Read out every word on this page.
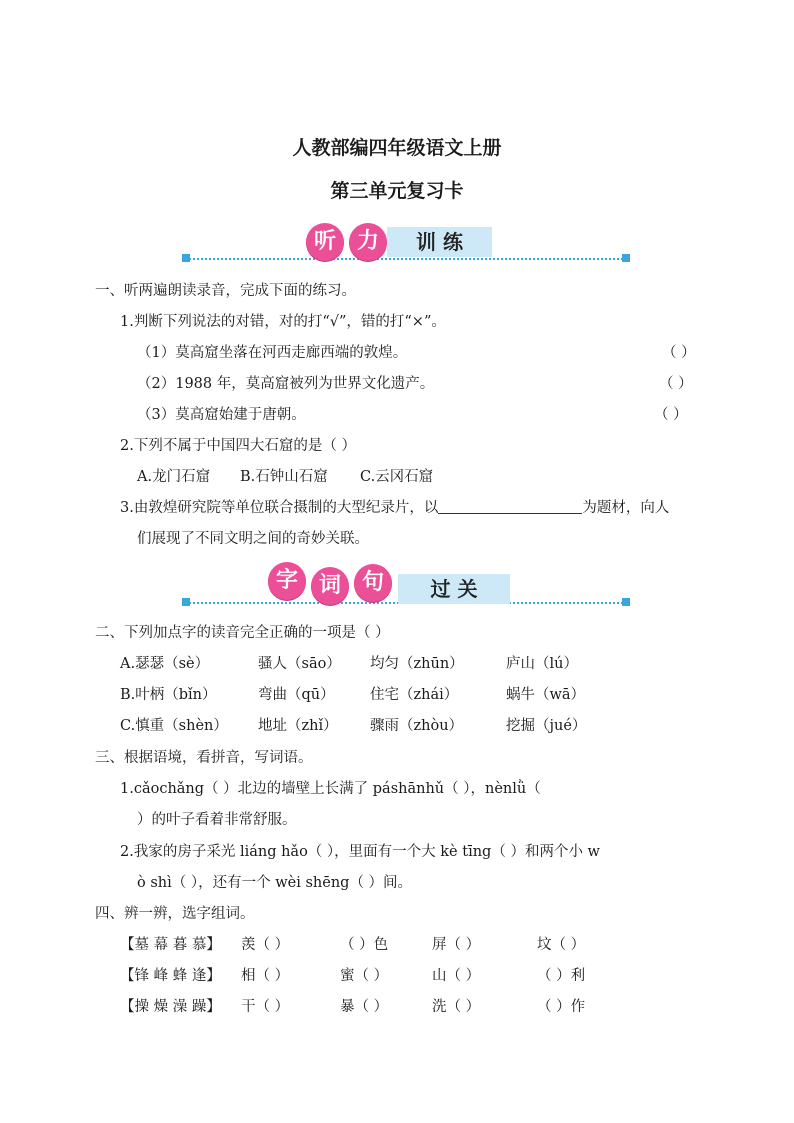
人教部编四年级语文上册
第三单元复习卡
训 练
听 力
一、听两遍朗读录音，完成下面的练习。
1.判断下列说法的对错，对的打“√”，错的打“×”。
（1）莫高窟坐落在河西走廊西端的敦煌。	（ ）
（2）1988 年，莫高窟被列为世界文化遗产。	（ ）
（3）莫高窟始建于唐朝。	（ ）
2.下列不属于中国四大石窟的是（ ）
A.龙门石窟 B.石钟山石窟 C.云冈石窟
3.由敦煌研究院等单位联合摄制的大型纪录片，以	为题材，向人
们展现了不同文明之间的奇妙关联。
过 关
字 词 句
二、下列加点字的读音完全正确的一项是（ ）
A.瑟瑟（sè）	骚人（sāo） 均匀（zhūn）	庐山（lú）
B.叶柄（bǐn）	弯曲（qū） 住宅（zhái）	蜗牛（wā）
C.慎重（shèn） 地址（zhǐ） 骤雨（zhòu）	挖掘（jué）
三、根据语境，看拼音，写词语。
1.cǎochǎng（ ）北边的墙壁上长满了 páshānhǔ（ ），nènlǜ（
）的叶子看着非常舒服。
2.我家的房子采光 liáng hǎo（ ），里面有一个大 kè tīng（ ）和两个小 w
ò shì（ ），还有一个 wèi shēng（ ）间。
四、辨一辨，选字组词。
【墓 幕 暮 慕】 羡（ ）	（ ）色	屏（ ）	坟（ ）
【锋 峰 蜂 逢】 相（ ）	蜜（ ）	山（ ）	（ ）利
【操 燥 澡 躁】 干（ ）	暴（ ）	洗（ ）	（ ）作
